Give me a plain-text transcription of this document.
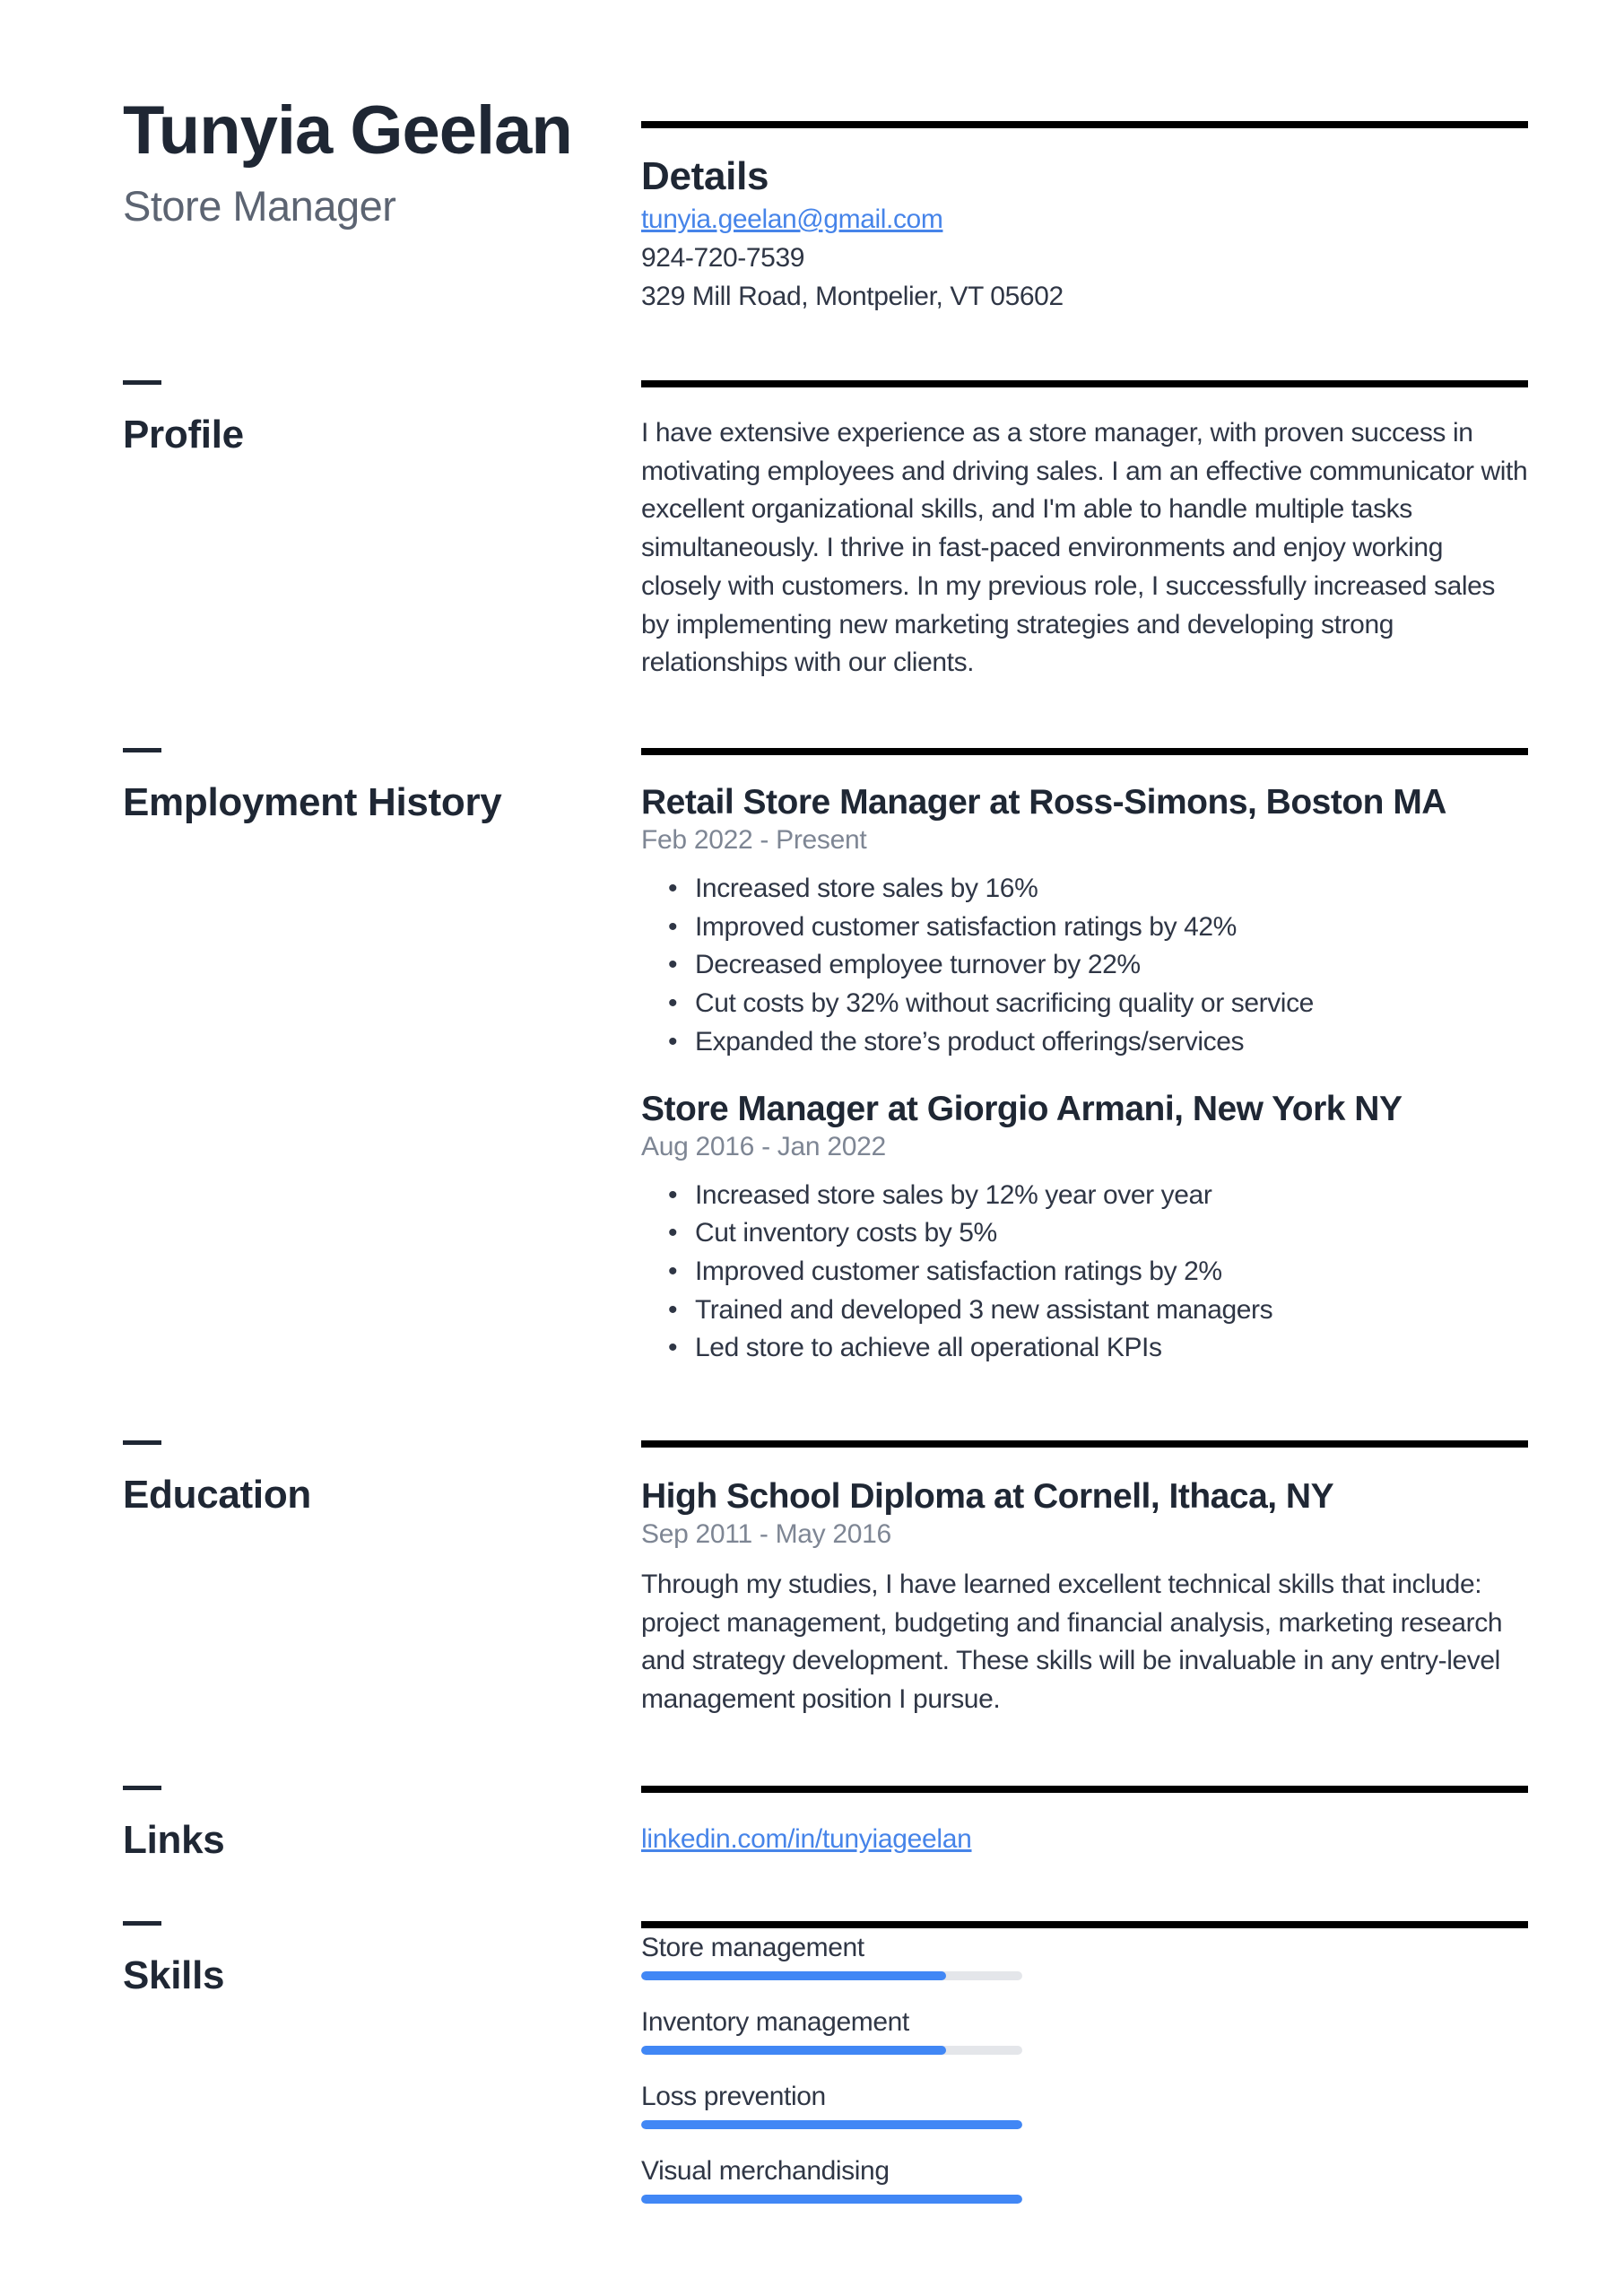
Tunyia Geelan
Store Manager
Details
tunyia.geelan@gmail.com
924-720-7539
329 Mill Road, Montpelier, VT 05602
Profile	I have extensive experience as a store manager, with proven success in motivating employees and driving sales. I am an effective communicator with excellent organizational skills, and I'm able to handle multiple tasks simultaneously. I thrive in fast-paced environments and enjoy working closely with customers. In my previous role, I successfully increased sales by implementing new marketing strategies and developing strong relationships with our clients.
Employment History	Retail Store Manager at Ross-Simons, Boston MA
Feb 2022 - Present
• Increased store sales by 16%
• Improved customer satisfaction ratings by 42%
• Decreased employee turnover by 22%
• Cut costs by 32% without sacrificing quality or service
• Expanded the store’s product offerings/services
Store Manager at Giorgio Armani, New York NY
Aug 2016 - Jan 2022
• Increased store sales by 12% year over year
• Cut inventory costs by 5%
• Improved customer satisfaction ratings by 2%
• Trained and developed 3 new assistant managers
• Led store to achieve all operational KPIs
Education	High School Diploma at Cornell, Ithaca, NY
Sep 2011 - May 2016
Through my studies, I have learned excellent technical skills that include: project management, budgeting and financial analysis, marketing research and strategy development. These skills will be invaluable in any entry-level management position I pursue.
Links	linkedin.com/in/tunyiageelan
Skills
Store management
Inventory management
Loss prevention
Visual merchandising
